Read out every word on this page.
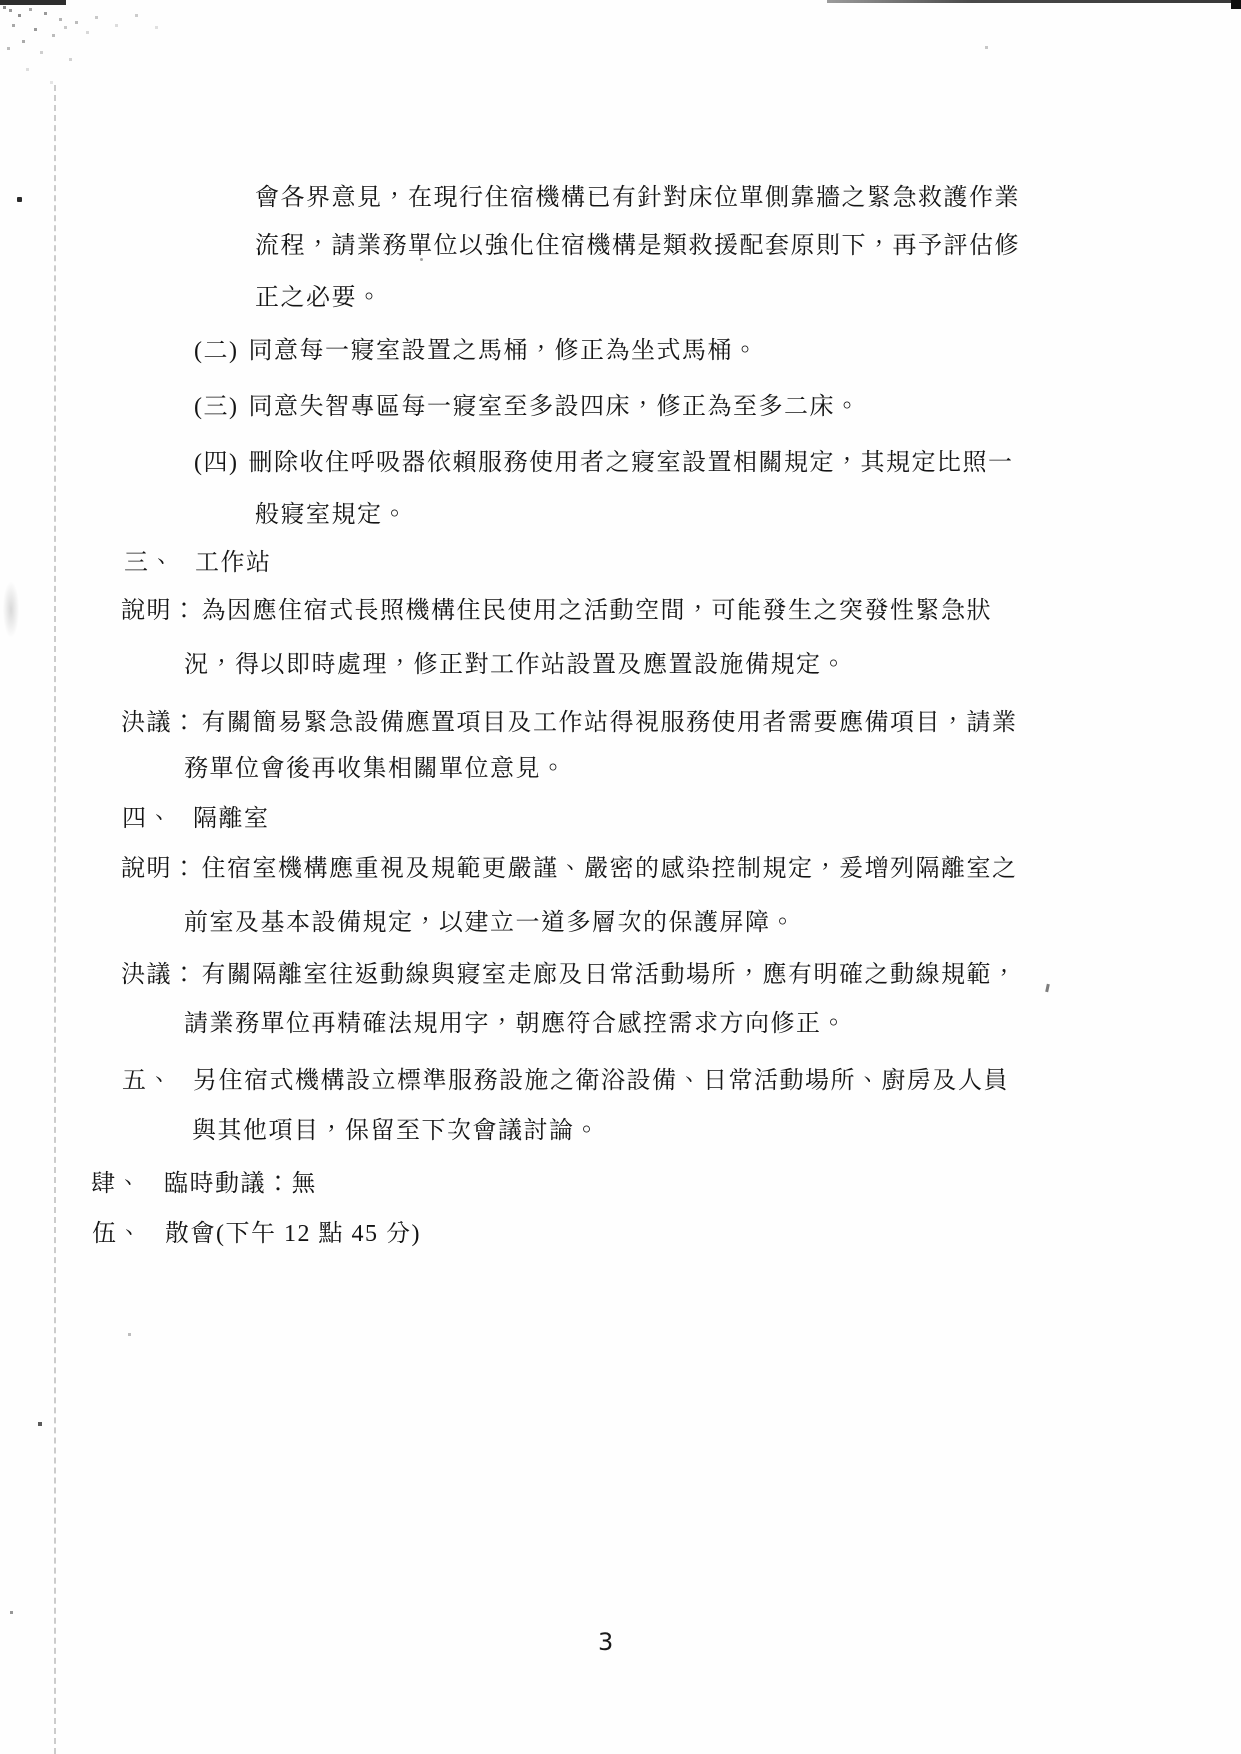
會各界意見，在現行住宿機構已有針對床位單側靠牆之緊急救護作業

流程，請業務單位以強化住宿機構是類救援配套原則下，再予評估修

正之必要。

(二) 同意每一寢室設置之馬桶，修正為坐式馬桶。

(三) 同意失智專區每一寢室至多設四床，修正為至多二床。

(四) 刪除收住呼吸器依賴服務使用者之寢室設置相關規定，其規定比照一

般寢室規定。

三、 工作站

說明： 為因應住宿式長照機構住民使用之活動空間，可能發生之突發性緊急狀

況，得以即時處理，修正對工作站設置及應置設施備規定。

決議： 有關簡易緊急設備應置項目及工作站得視服務使用者需要應備項目，請業

務單位會後再收集相關單位意見。

四、 隔離室

說明： 住宿室機構應重視及規範更嚴謹、嚴密的感染控制規定，爰增列隔離室之

前室及基本設備規定，以建立一道多層次的保護屏障。

決議： 有關隔離室往返動線與寢室走廊及日常活動場所，應有明確之動線規範，

請業務單位再精確法規用字，朝應符合感控需求方向修正。

五、 另住宿式機構設立標準服務設施之衛浴設備、日常活動場所、廚房及人員

與其他項目，保留至下次會議討論。

肆、 臨時動議：無

伍、 散會(下午 12 點 45 分)

3
